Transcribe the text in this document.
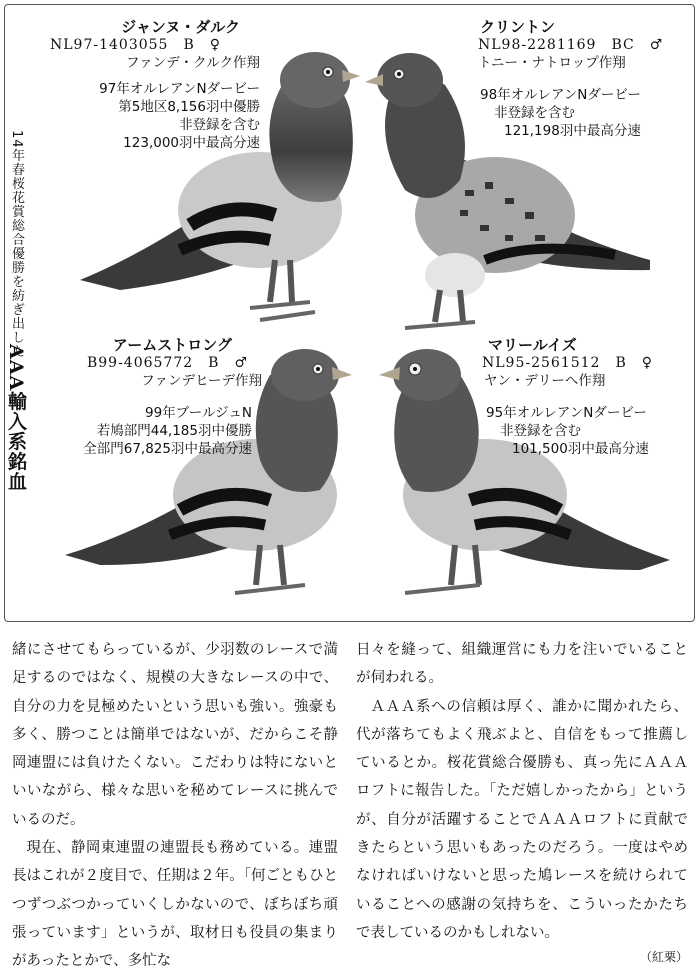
14年春桜花賞総合優勝を紡ぎ出した
AAA輸入系銘血
ジャンヌ・ダルク
NL97-1403055　B　♀
ファンデ・クルク作翔
97年オルレアンNダービー
第5地区8,156羽中優勝
非登録を含む
123,000羽中最高分速
クリントン
NL98-2281169　BC　♂
トニー・ナトロップ作翔
98年オルレアンNダービー
非登録を含む
121,198羽中最高分速
アームストロング
B99-4065772　B　♂
ファンデヒーデ作翔
99年ブールジュN
若鳩部門44,185羽中優勝
全部門67,825羽中最高分速
マリールイズ
NL95-2561512　B　♀
ヤン・デリーへ作翔
95年オルレアンNダービー
非登録を含む
101,500羽中最高分速

緒にさせてもらっているが、少羽数のレースで満足するのではなく、規模の大きなレースの中で、自分の力を見極めたいという思いも強い。強豪も多く、勝つことは簡単ではないが、だからこそ静岡連盟には負けたくない。こだわりは特にないといいながら、様々な思いを秘めてレースに挑んでいるのだ。

現在、静岡東連盟の連盟長も務めている。連盟長はこれが２度目で、任期は２年。「何ごともひとつずつぶつかっていくしかないので、ぼちぼち頑張っています」というが、取材日も役員の集まりがあったとかで、多忙な

日々を縫って、組織運営にも力を注いでいることが伺われる。

ＡＡＡ系への信頼は厚く、誰かに聞かれたら、代が落ちてもよく飛ぶよと、自信をもって推薦しているとか。桜花賞総合優勝も、真っ先にＡＡＡロフトに報告した。「ただ嬉しかったから」というが、自分が活躍することでＡＡＡロフトに貢献できたらという思いもあったのだろう。一度はやめなければいけないと思った鳩レースを続けられていることへの感謝の気持ちを、こういったかたちで表しているのかもしれない。

（紅栗）
